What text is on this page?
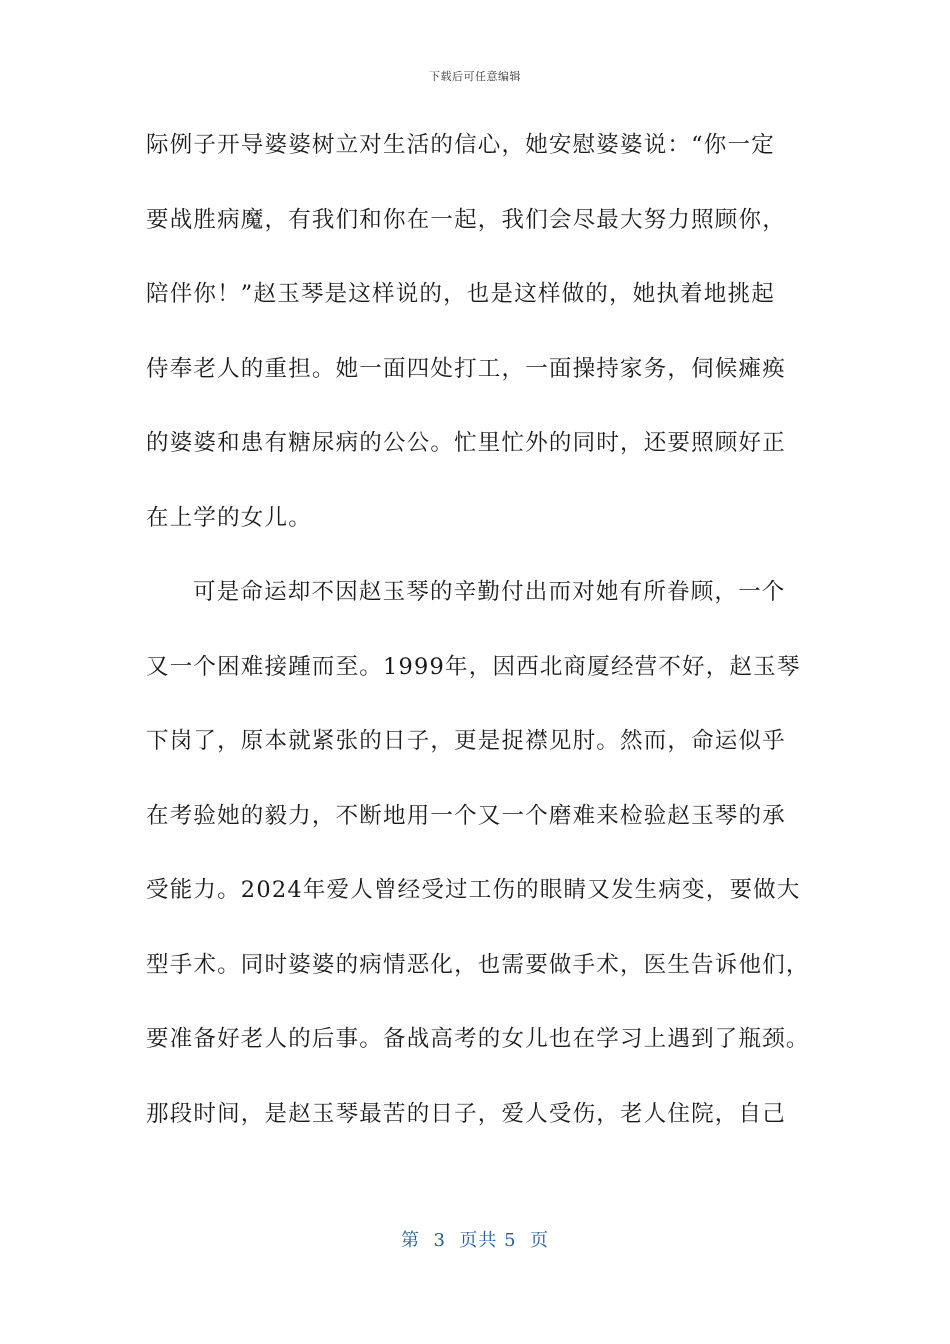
下载后可任意编辑
际例子开导婆婆树立对生活的信心，她安慰婆婆说：“你一定
要战胜病魔，有我们和你在一起，我们会尽最大努力照顾你，
陪伴你！”赵玉琴是这样说的，也是这样做的，她执着地挑起
侍奉老人的重担。她一面四处打工，一面操持家务，伺候瘫痪
的婆婆和患有糖尿病的公公。忙里忙外的同时，还要照顾好正
在上学的女儿。
可是命运却不因赵玉琴的辛勤付出而对她有所眷顾，一个
又一个困难接踵而至。1999年，因西北商厦经营不好，赵玉琴
下岗了，原本就紧张的日子，更是捉襟见肘。然而，命运似乎
在考验她的毅力，不断地用一个又一个磨难来检验赵玉琴的承
受能力。2024年爱人曾经受过工伤的眼睛又发生病变，要做大
型手术。同时婆婆的病情恶化，也需要做手术，医生告诉他们，
要准备好老人的后事。备战高考的女儿也在学习上遇到了瓶颈。
那段时间，是赵玉琴最苦的日子，爱人受伤，老人住院，自己
第  3  页共 5  页
